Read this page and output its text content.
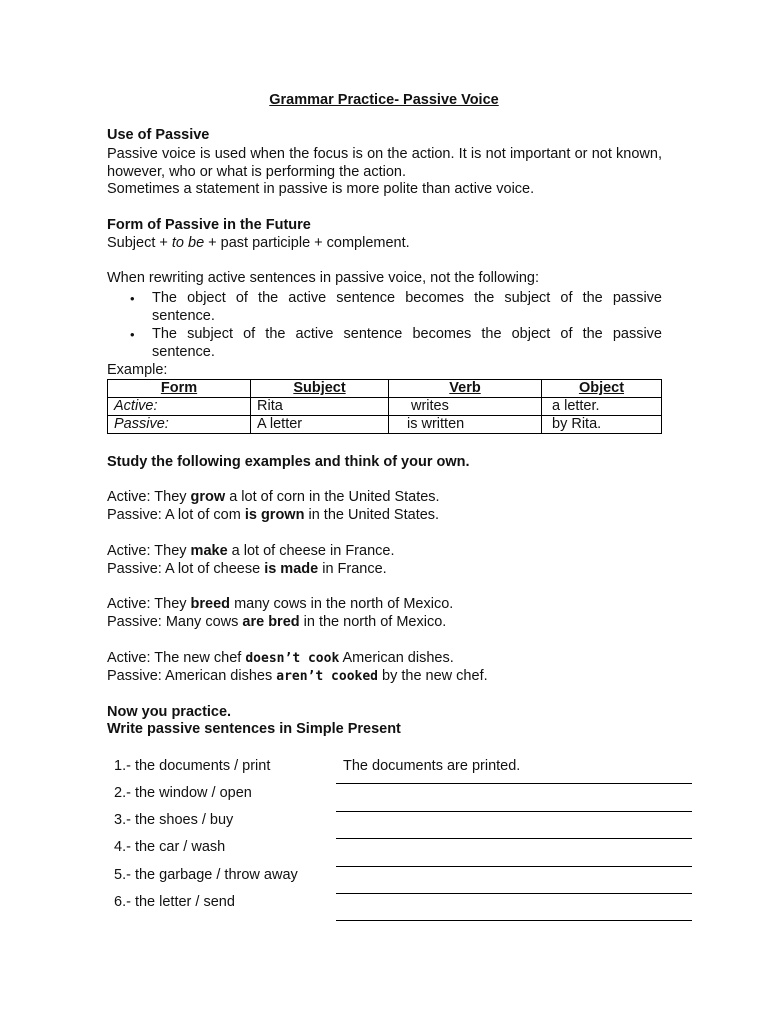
Grammar Practice- Passive Voice
Use of Passive
Passive voice is used when the focus is on the action. It is not important or not known, however, who or what is performing the action.
Sometimes a statement in passive is more polite than active voice.
Form of Passive in the Future
Subject + to be + past participle + complement.
When rewriting active sentences in passive voice, not the following:
• The object of the active sentence becomes the subject of the passive sentence.
• The subject of the active sentence becomes the object of the passive sentence.
Example:
Form	Subject	Verb	Object
Active:	Rita	writes	a letter.
Passive:	A letter	is written	by Rita.
Study the following examples and think of your own.
Active: They grow a lot of corn in the United States.
Passive: A lot of com is grown in the United States.
Active: They make a lot of cheese in France.
Passive: A lot of cheese is made in France.
Active: They breed many cows in the north of Mexico.
Passive: Many cows are bred in the north of Mexico.
Active: The new chef doesn’t cook American dishes.
Passive: American dishes aren’t cooked by the new chef.
Now you practice.
Write passive sentences in Simple Present
1.- the documents / print	The documents are printed.
2.- the window / open
3.- the shoes / buy
4.- the car / wash
5.- the garbage / throw away
6.- the letter / send
